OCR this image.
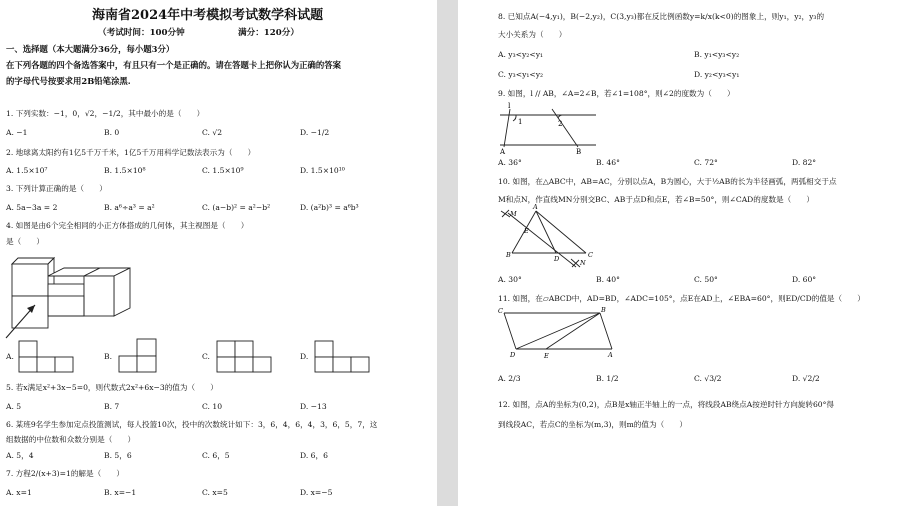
海南省2024年中考模拟考试数学科试题
（考试时间：100分钟	满分：120分）
一、选择题（本大题满分36分，每小题3分）
在下列各题的四个备选答案中，有且只有一个是正确的。请在答题卡上把你认为正确的答案
的字母代号按要求用2B铅笔涂黑.
1. 下列实数：−1，0，√2，−1/2，其中最小的是（　　）
A. −1	B. 0	C. √2	D. −1/2
2. 地球离太阳约有1亿5千万千米，1亿5千万用科学记数法表示为（　　）
A. 1.5×10⁷	B. 1.5×10⁸	C. 1.5×10⁹	D. 1.5×10¹⁰
3. 下列计算正确的是（　　）
A. 5a−3a = 2	B. a⁶÷a³ = a²	C. (a−b)² = a²−b²	D. (a²b)³ = a⁶b³
4. 如图是由6个完全相同的小正方体搭成的几何体，其主视图是（　　）
是（　　）
A.	B.	C.	D.
5. 若x满足x²+3x−5=0，则代数式2x²+6x−3的值为（　　）
A. 5	B. 7	C. 10	D. −13
6. 某班9名学生参加定点投篮测试，每人投篮10次，投中的次数统计如下：3，6，4，6，4，3，6，5，7，这
组数据的中位数和众数分别是（　　）
A. 5，4	B. 5，6	C. 6，5	D. 6，6
7. 方程2/(x+3)=1的解是（　　）
A. x=1	B. x=−1	C. x=5	D. x=−5
8. 已知点A(−4,y₁)，B(−2,y₂)，C(3,y₃)都在反比例函数y=k/x(k<0)的图象上，则y₁，y₂，y₃的
大小关系为（　　）
A. y₃<y₂<y₁	B. y₁<y₃<y₂
C. y₃<y₁<y₂	D. y₂<y₃<y₁
9. 如图，l // AB，∠A=2∠B，若∠1=108°，则∠2的度数为（　　）
l
1	2
A	B
A. 36°	B. 46°	C. 72°	D. 82°
10. 如图，在△ABC中，AB=AC，分别以点A，B为圆心，大于½AB的长为半径画弧，两弧相交于点
M和点N，作直线MN分别交BC、AB于点D和点E，若∠B=50°，则∠CAD的度数是（　　）
M
E
A
B	D	C
N
A. 30°	B. 40°	C. 50°	D. 60°
11. 如图，在▱ABCD中，AD=BD，∠ADC=105°，点E在AD上，∠EBA=60°，则ED/CD的值是（　　）
C	B
D	E	A
A. 2/3	B. 1/2	C. √3/2	D. √2/2
12. 如图，点A的坐标为(0,2)，点B是x轴正半轴上的一点，将线段AB绕点A按逆时针方向旋转60°得
到线段AC，若点C的坐标为(m,3)，则m的值为（　　）
